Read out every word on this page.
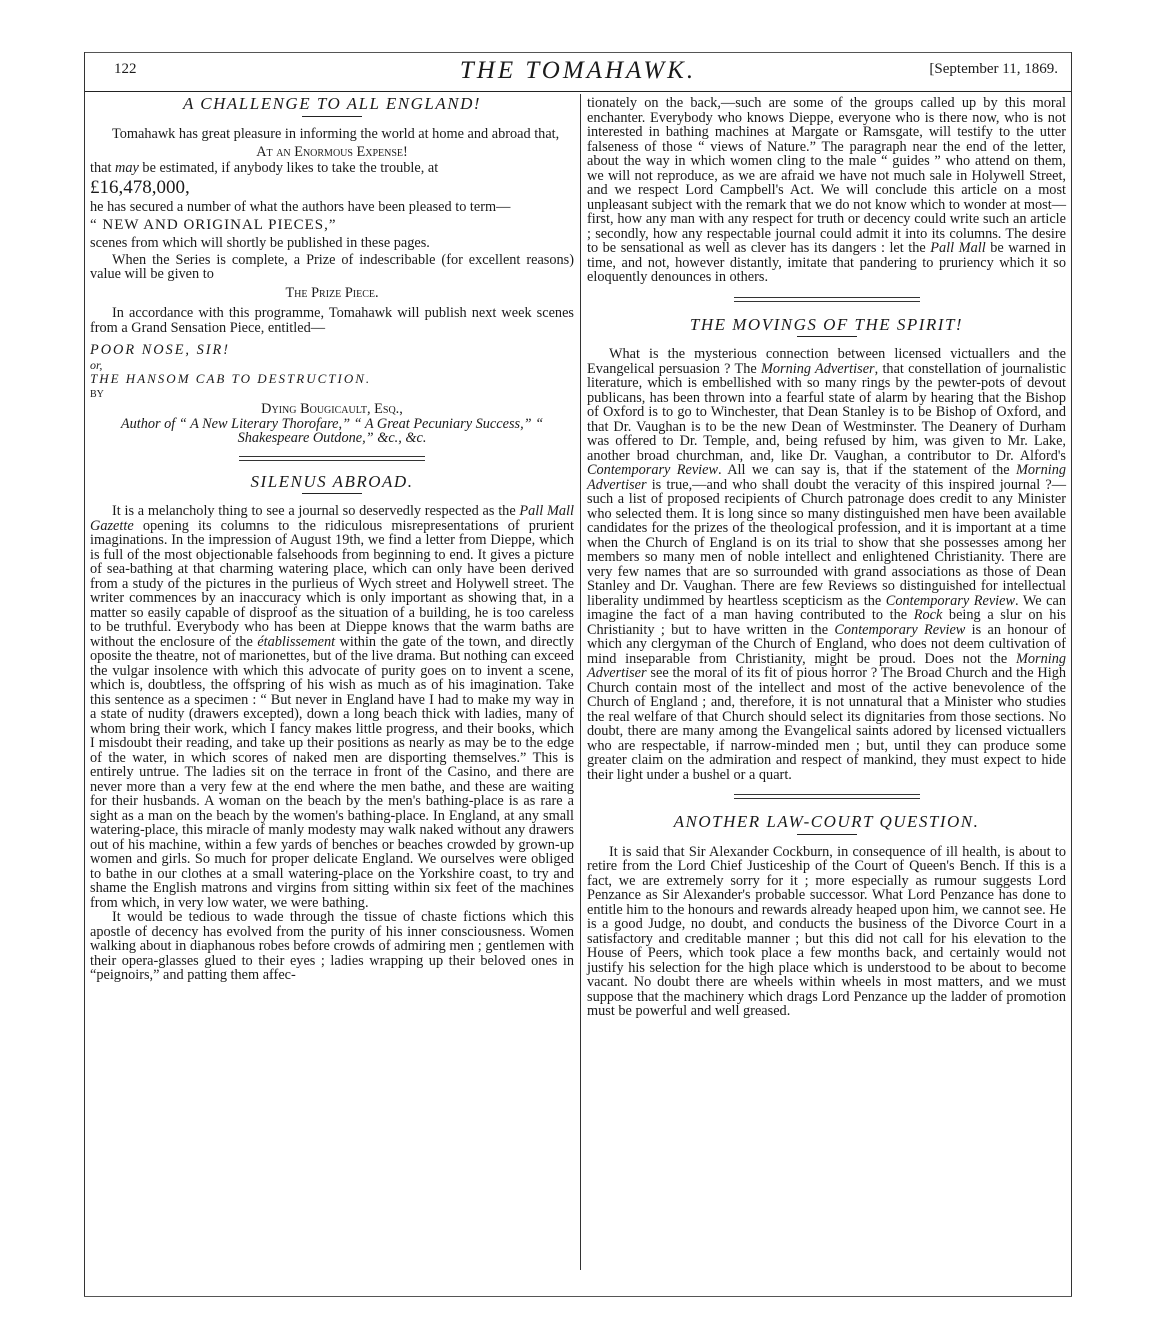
122	THE TOMAHAWK.	[September 11, 1869.
A CHALLENGE TO ALL ENGLAND!

Tomahawk has great pleasure in informing the world at home and abroad that,

At an Enormous Expense!

that may be estimated, if anybody likes to take the trouble, at

£16,478,000,

he has secured a number of what the authors have been pleased to term—

“ NEW AND ORIGINAL PIECES,”

scenes from which will shortly be published in these pages.

When the Series is complete, a Prize of indescribable (for excellent reasons) value will be given to

The Prize Piece.

In accordance with this programme, Tomahawk will publish next week scenes from a Grand Sensation Piece, entitled—

POOR NOSE, SIR!

or,

THE HANSOM CAB TO DESTRUCTION.

BY

Dying Bougicault, Esq.,

Author of “ A New Literary Thorofare,” “ A Great Pecuniary Success,” “ Shakespeare Outdone,” &c., &c.

SILENUS ABROAD.

It is a melancholy thing to see a journal so deservedly respected as the Pall Mall Gazette opening its columns to the ridiculous misrepresentations of prurient imaginations. In the impression of August 19th, we find a letter from Dieppe, which is full of the most objectionable falsehoods from beginning to end. It gives a picture of sea-bathing at that charming watering place, which can only have been derived from a study of the pictures in the purlieus of Wych street and Holywell street. The writer commences by an inaccuracy which is only important as showing that, in a matter so easily capable of disproof as the situation of a building, he is too careless to be truthful. Everybody who has been at Dieppe knows that the warm baths are without the enclosure of the établissement within the gate of the town, and directly oposite the theatre, not of marionettes, but of the live drama. But nothing can exceed the vulgar insolence with which this advocate of purity goes on to invent a scene, which is, doubtless, the offspring of his wish as much as of his imagination. Take this sentence as a specimen : “ But never in England have I had to make my way in a state of nudity (drawers excepted), down a long beach thick with ladies, many of whom bring their work, which I fancy makes little progress, and their books, which I misdoubt their reading, and take up their positions as nearly as may be to the edge of the water, in which scores of naked men are disporting themselves.” This is entirely untrue. The ladies sit on the terrace in front of the Casino, and there are never more than a very few at the end where the men bathe, and these are waiting for their husbands. A woman on the beach by the men's bathing-place is as rare a sight as a man on the beach by the women's bathing-place. In England, at any small watering-place, this miracle of manly modesty may walk naked without any drawers out of his machine, within a few yards of benches or beaches crowded by grown-up women and girls. So much for proper delicate England. We ourselves were obliged to bathe in our clothes at a small watering-place on the Yorkshire coast, to try and shame the English matrons and virgins from sitting within six feet of the machines from which, in very low water, we were bathing.

It would be tedious to wade through the tissue of chaste fictions which this apostle of decency has evolved from the purity of his inner consciousness. Women walking about in diaphanous robes before crowds of admiring men ; gentlemen with their opera-glasses glued to their eyes ; ladies wrapping up their beloved ones in “peignoirs,” and patting them affec-

tionately on the back,—such are some of the groups called up by this moral enchanter. Everybody who knows Dieppe, everyone who is there now, who is not interested in bathing machines at Margate or Ramsgate, will testify to the utter falseness of those “ views of Nature.” The paragraph near the end of the letter, about the way in which women cling to the male “ guides ” who attend on them, we will not reproduce, as we are afraid we have not much sale in Holywell Street, and we respect Lord Campbell's Act. We will conclude this article on a most unpleasant subject with the remark that we do not know which to wonder at most—first, how any man with any respect for truth or decency could write such an article ; secondly, how any respectable journal could admit it into its columns. The desire to be sensational as well as clever has its dangers : let the Pall Mall be warned in time, and not, however distantly, imitate that pandering to pruriency which it so eloquently denounces in others.

THE MOVINGS OF THE SPIRIT!

What is the mysterious connection between licensed victuallers and the Evangelical persuasion ? The Morning Advertiser, that constellation of journalistic literature, which is embellished with so many rings by the pewter-pots of devout publicans, has been thrown into a fearful state of alarm by hearing that the Bishop of Oxford is to go to Winchester, that Dean Stanley is to be Bishop of Oxford, and that Dr. Vaughan is to be the new Dean of Westminster. The Deanery of Durham was offered to Dr. Temple, and, being refused by him, was given to Mr. Lake, another broad churchman, and, like Dr. Vaughan, a contributor to Dr. Alford's Contemporary Review. All we can say is, that if the statement of the Morning Advertiser is true,—and who shall doubt the veracity of this inspired journal ?—such a list of proposed recipients of Church patronage does credit to any Minister who selected them. It is long since so many distinguished men have been available candidates for the prizes of the theological profession, and it is important at a time when the Church of England is on its trial to show that she possesses among her members so many men of noble intellect and enlightened Christianity. There are very few names that are so surrounded with grand associations as those of Dean Stanley and Dr. Vaughan. There are few Reviews so distinguished for intellectual liberality undimmed by heartless scepticism as the Contemporary Review. We can imagine the fact of a man having contributed to the Rock being a slur on his Christianity ; but to have written in the Contemporary Review is an honour of which any clergyman of the Church of England, who does not deem cultivation of mind inseparable from Christianity, might be proud. Does not the Morning Advertiser see the moral of its fit of pious horror ? The Broad Church and the High Church contain most of the intellect and most of the active benevolence of the Church of England ; and, therefore, it is not unnatural that a Minister who studies the real welfare of that Church should select its dignitaries from those sections. No doubt, there are many among the Evangelical saints adored by licensed victuallers who are respectable, if narrow-minded men ; but, until they can produce some greater claim on the admiration and respect of mankind, they must expect to hide their light under a bushel or a quart.

ANOTHER LAW-COURT QUESTION.

It is said that Sir Alexander Cockburn, in consequence of ill health, is about to retire from the Lord Chief Justiceship of the Court of Queen's Bench. If this is a fact, we are extremely sorry for it ; more especially as rumour suggests Lord Penzance as Sir Alexander's probable successor. What Lord Penzance has done to entitle him to the honours and rewards already heaped upon him, we cannot see. He is a good Judge, no doubt, and conducts the business of the Divorce Court in a satisfactory and creditable manner ; but this did not call for his elevation to the House of Peers, which took place a few months back, and certainly would not justify his selection for the high place which is understood to be about to become vacant. No doubt there are wheels within wheels in most matters, and we must suppose that the machinery which drags Lord Penzance up the ladder of promotion must be powerful and well greased.
